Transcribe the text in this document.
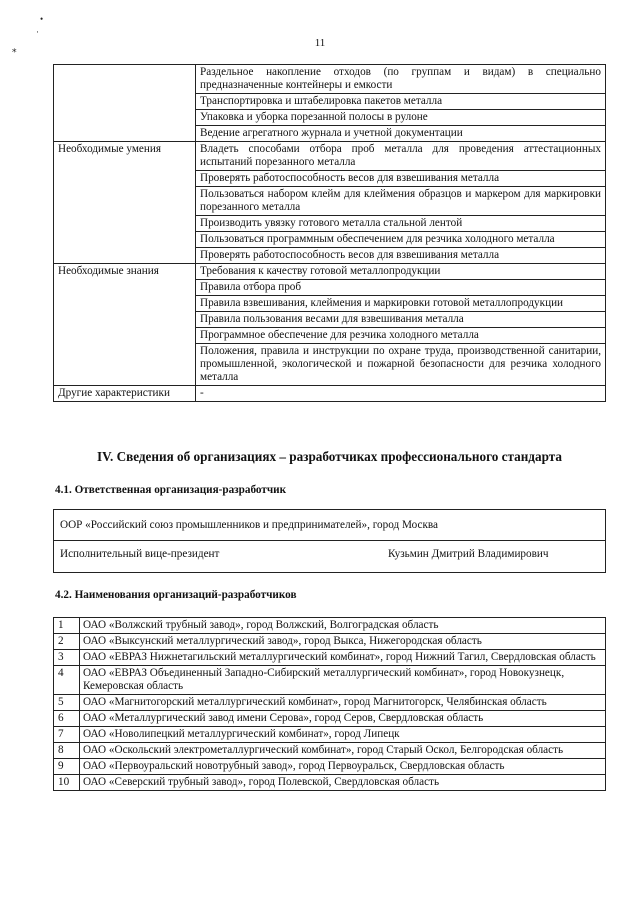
•
·
⁎	11
	Раздельное накопление отходов (по группам и видам) в специально предназначенные контейнеры и емкости
	Транспортировка и штабелировка пакетов металла
	Упаковка и уборка порезанной полосы в рулоне
	Ведение агрегатного журнала и учетной документации
Необходимые умения	Владеть способами отбора проб металла для проведения аттестационных испытаний порезанного металла
	Проверять работоспособность весов для взвешивания металла
	Пользоваться набором клейм для клеймения образцов и маркером для маркировки порезанного металла
	Производить увязку готового металла стальной лентой
	Пользоваться программным обеспечением для резчика холодного металла
	Проверять работоспособность весов для взвешивания металла
Необходимые знания	Требования к качеству готовой металлопродукции
	Правила отбора проб
	Правила взвешивания, клеймения и маркировки готовой металлопродукции
	Правила пользования весами для взвешивания металла
	Программное обеспечение для резчика холодного металла
	Положения, правила и инструкции по охране труда, производственной санитарии, промышленной, экологической и пожарной безопасности для резчика холодного металла
Другие характеристики	-
IV. Сведения об организациях – разработчиках профессионального стандарта
4.1. Ответственная организация-разработчик
ООР «Российский союз промышленников и предпринимателей», город Москва
Исполнительный вице-президент	Кузьмин Дмитрий Владимирович
4.2. Наименования организаций-разработчиков
1	ОАО «Волжский трубный завод», город Волжский, Волгоградская область
2	ОАО «Выксунский металлургический завод», город Выкса, Нижегородская область
3	ОАО «ЕВРАЗ Нижнетагильский металлургический комбинат», город Нижний Тагил, Свердловская область
4	ОАО «ЕВРАЗ Объединенный Западно-Сибирский металлургический комбинат», город Новокузнецк, Кемеровская область
5	ОАО «Магнитогорский металлургический комбинат», город Магнитогорск, Челябинская область
6	ОАО «Металлургический завод имени Серова», город Серов, Свердловская область
7	ОАО «Новолипецкий металлургический комбинат», город Липецк
8	ОАО «Оскольский электрометаллургический комбинат», город Старый Оскол, Белгородская область
9	ОАО «Первоуральский новотрубный завод», город Первоуральск, Свердловская область
10	ОАО «Северский трубный завод», город Полевской, Свердловская область
